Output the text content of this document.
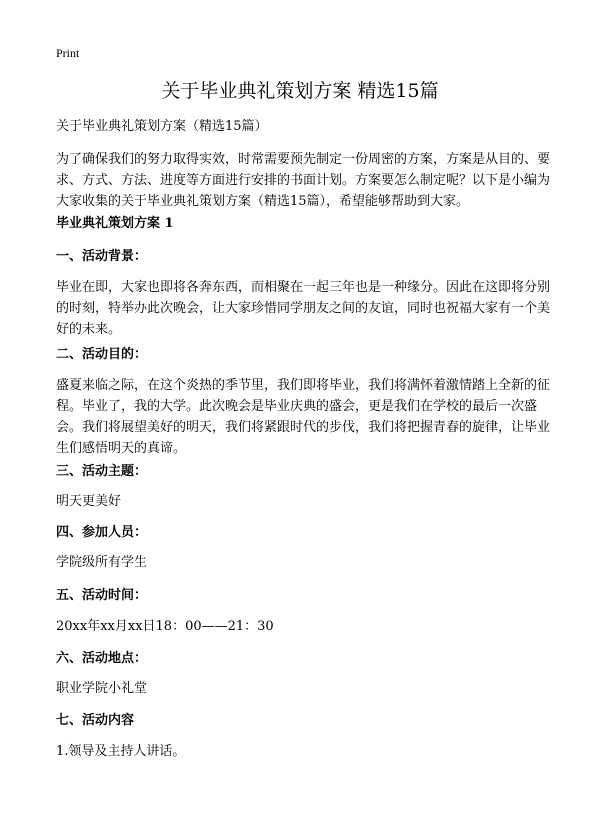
Print
关于毕业典礼策划方案 精选15篇
关于毕业典礼策划方案（精选15篇）

为了确保我们的努力取得实效，时常需要预先制定一份周密的方案，方案是从目的、要求、方式、方法、进度等方面进行安排的书面计划。方案要怎么制定呢？以下是小编为大家收集的关于毕业典礼策划方案（精选15篇），希望能够帮助到大家。

毕业典礼策划方案 1
一、活动背景：

毕业在即，大家也即将各奔东西，而相聚在一起三年也是一种缘分。因此在这即将分别的时刻，特举办此次晚会，让大家珍惜同学朋友之间的友谊，同时也祝福大家有一个美好的未来。

二、活动目的：

盛夏来临之际，在这个炎热的季节里，我们即将毕业，我们将满怀着激情踏上全新的征程。毕业了，我的大学。此次晚会是毕业庆典的盛会，更是我们在学校的最后一次盛会。我们将展望美好的明天，我们将紧跟时代的步伐，我们将把握青春的旋律，让毕业生们感悟明天的真谛。

三、活动主题：
明天更美好
四、参加人员：
学院级所有学生
五、活动时间：
20xx年xx月xx日18：00——21：30
六、活动地点：
职业学院小礼堂
七、活动内容
1.领导及主持人讲话。
